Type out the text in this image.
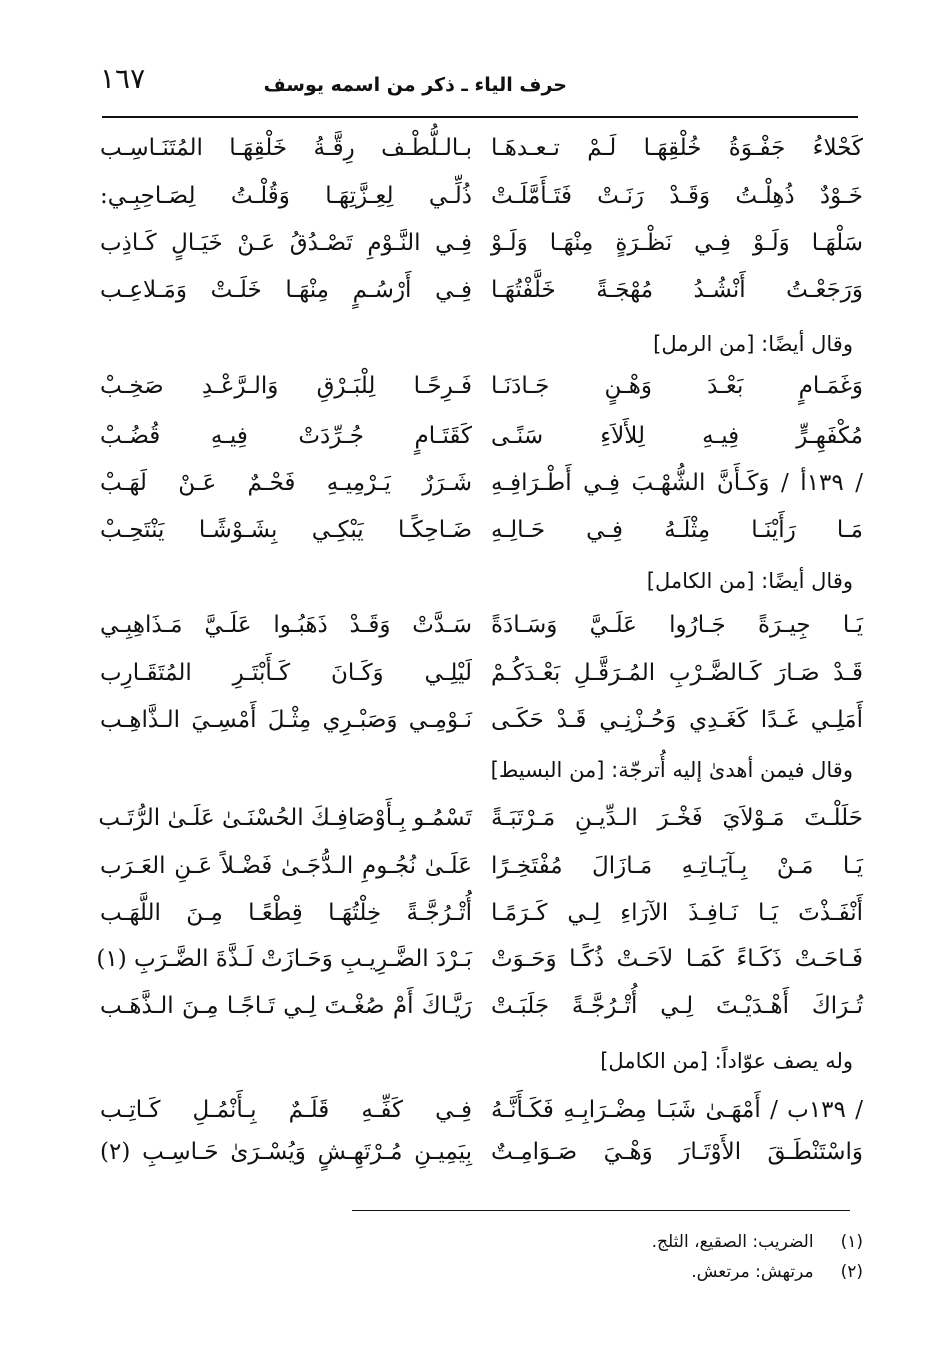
١٦٧	حرف الياء ـ ذكر من اسمه يوسف
كَحْلاءُ جَفْـوَةُ خُلْقِهَـا لَـمْ تـعـدهَـا
بـالـلُّطْـف رِقَّـةُ خَلْقِهَـا المُتَنَـاسِـب
خَـوْدٌ ذُهِلْـتُ وَقَـدْ رَنَـتْ فَتَـأَمَّلَـتْ
ذُلِّـي لِعِـزَّتِهَـا وَقُلْـتُ لِصَـاحِبِـي:
سَلْهَـا وَلَـوْ فِـي نَظْـرَةٍ مِنْهَـا وَلَـوْ
فِـي النَّـوْمِ تَصْـدُقُ عَـنْ خَيَـالٍ كَـاذِب
وَرَجَعْـتُ أَنْشُـدُ مُهْجَـةً خَلَّفْتُهَـا
فِـي أَرْسُـمٍ مِنْهَـا خَلَـتْ وَمَـلاعِـب
وقال أيضًا: [من الرمل]
وَغَمَـامٍ بَعْـدَ وَهْـنٍ جَـادَنَـا
فَـرِحًـا لِلْبَـرْقِ وَالـرَّعْـدِ صَخِـبْ
مُكْفَهِـرٍّ فِيـهِ لِلأَلاَءِ سَنًـى
كَقَتَـامٍ جُـرِّدَتْ فِيـهِ قُضُـبْ
/ ١٣٩أ / وَكَـأَنَّ الشُّهْـبَ فِـي أَطْـرَافِـهِ
شَـرَرٌ يَـرْمِيـهِ فَحْـمٌ عَـنْ لَهَـبْ
مَـا رَأَيْنَـا مِثْلَـهُ فِـي حَـالِـهِ
ضَـاحِكًـا يَبْكِـي بِشَـوْشًـا يَنْتَحِـبْ
وقال أيضًا: [من الكامل]
يَـا جِيـرَةً جَـارُوا عَلَـيَّ وَسَـادَةً
سَـدَّتْ وَقَـدْ ذَهَبُـوا عَلَـيَّ مَـذَاهِبِـي
قَـدْ صَـارَ كَـالضَّـرْبِ المُـرَقَّـلِ بَعْـدَكُـمْ
لَيْلِـي وَكَـانَ كَـأَبْتَـرِ المُتَقَـارِب
أَمَلِـي غَـدًا كَغَـدِي وَحُـزْنِـي قَـدْ حَكَـى
نَـوْمِـي وَصَبْـرِي مِثْـلَ أَمْسِـيَ الـذَّاهِـب
وقال فيمن أهدىٰ إليه أُترجّة: [من البسيط]
حَلَلْـتَ مَـوْلاَيَ فَخْـرَ الـدِّيـنِ مَـرْتَبَـةً
تَسْمُـو بِـأَوْصَافِـكَ الحُسْنَـىٰ عَلَـىٰ الرُّتَـب
يَـا مَـنْ بِـآيَـاتِـهِ مَـازَالَ مُفْتَخِـرًا
عَلَـىٰ نُجُـومِ الـدُّجَـىٰ فَضْـلاً عَـنِ العَـرَب
أَنْفَـذْتَ يَـا نَـافِـذَ الآرَاءِ لِـي كَـرَمًـا
أُتْـرُجَّـةً خِلْتُهَـا قِطْعًـا مِـنَ اللَّهَـب
فَـاحَـتْ ذَكَـاءً كَمَـا لاَحَـتْ ذُكًـا وَحَـوَتْ
بَـرْدَ الضَّـرِيـبِ وَحَـازَتْ لَـذَّةَ الضَّـرَبِ (١)
تُـرَاكَ أَهْـدَيْـتَ لِـي أُتْـرُجَّـةً جَلَبَـتْ
رَيَّـاكَ أَمْ صُغْـتَ لِـي تَـاجًـا مِـنَ الـذَّهَـب
وله يصف عوّاداً: [من الكامل]
/ ١٣٩ب / أَمْهَـىٰ شَبَـا مِضْـرَابِـهِ فَكَـأَنَّـهُ
فِـي كَفِّـهِ قَلَـمٌ بِـأَنْمُـلِ كَـاتِـب
وَاسْتَنْطَـقَ الأَوْتَـارَ وَهْـيَ صَـوَامِـتٌ
بِيَمِيـنِ مُـرْتَهِـشٍ وَيُسْـرَىٰ حَـاسِـبِ (٢)
(١) الضريب: الصقيع، الثلج.
(٢) مرتهش: مرتعش.
